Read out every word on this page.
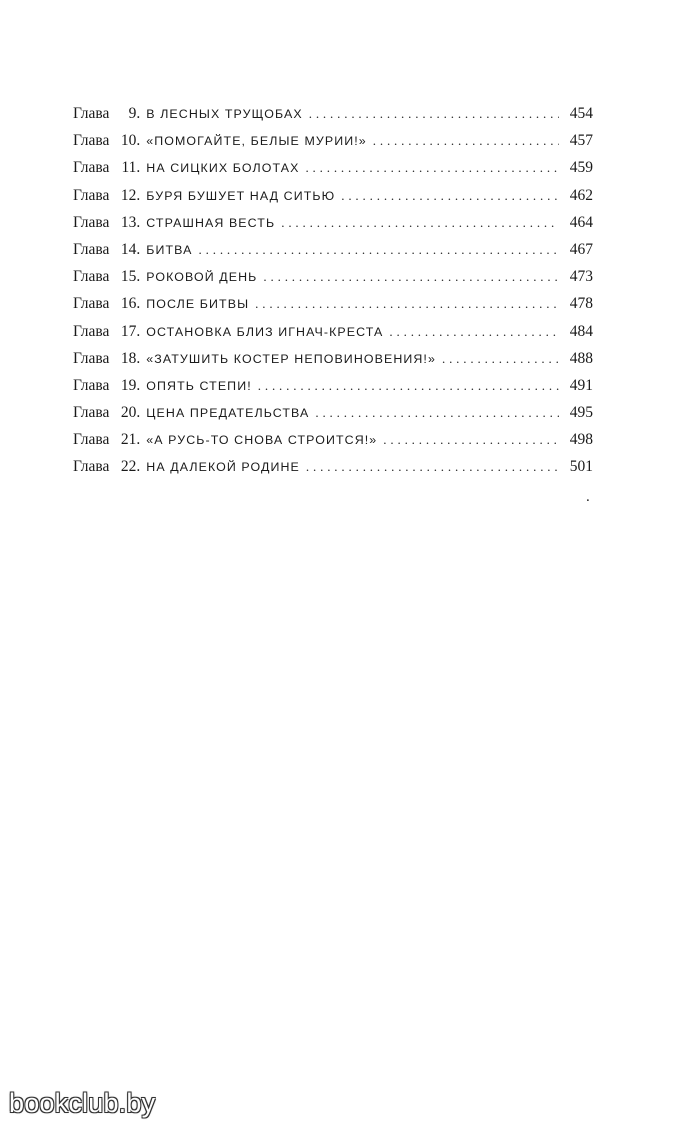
Глава	9 . В ЛЕСНЫХ ТРУЩОБАХ . . .	454
Глава 10 . «ПОМОГАЙТЕ, БЕЛЫЕ МУРИИ!» . . .	457
Глава 11 . НА СИЦКИХ БОЛОТАХ . . .	459
Глава 12 . БУРЯ БУШУЕТ НАД СИТЬЮ . . .	462
Глава 13 . СТРАШНАЯ ВЕСТЬ . . .	464
Глава 14 . БИТВА . . .	467
Глава 15 . РОКОВОЙ ДЕНЬ . . .	473
Глава 16 . ПОСЛЕ БИТВЫ . . .	478
Глава 17 . ОСТАНОВКА БЛИЗ ИГНАЧ-КРЕСТА . . .	484
Глава 18 . «ЗАТУШИТЬ КОСТЕР НЕПОВИНОВЕНИЯ!» . . .	488
Глава 19 . ОПЯТЬ СТЕПИ! . . .	491
Глава 20 . ЦЕНА ПРЕДАТЕЛЬСТВА . . .	495
Глава 21 . «А РУСЬ-ТО СНОВА СТРОИТСЯ!» . . .	498
Глава 22 . НА ДАЛЕКОЙ РОДИНЕ . . .	501
.
bookclub.by
